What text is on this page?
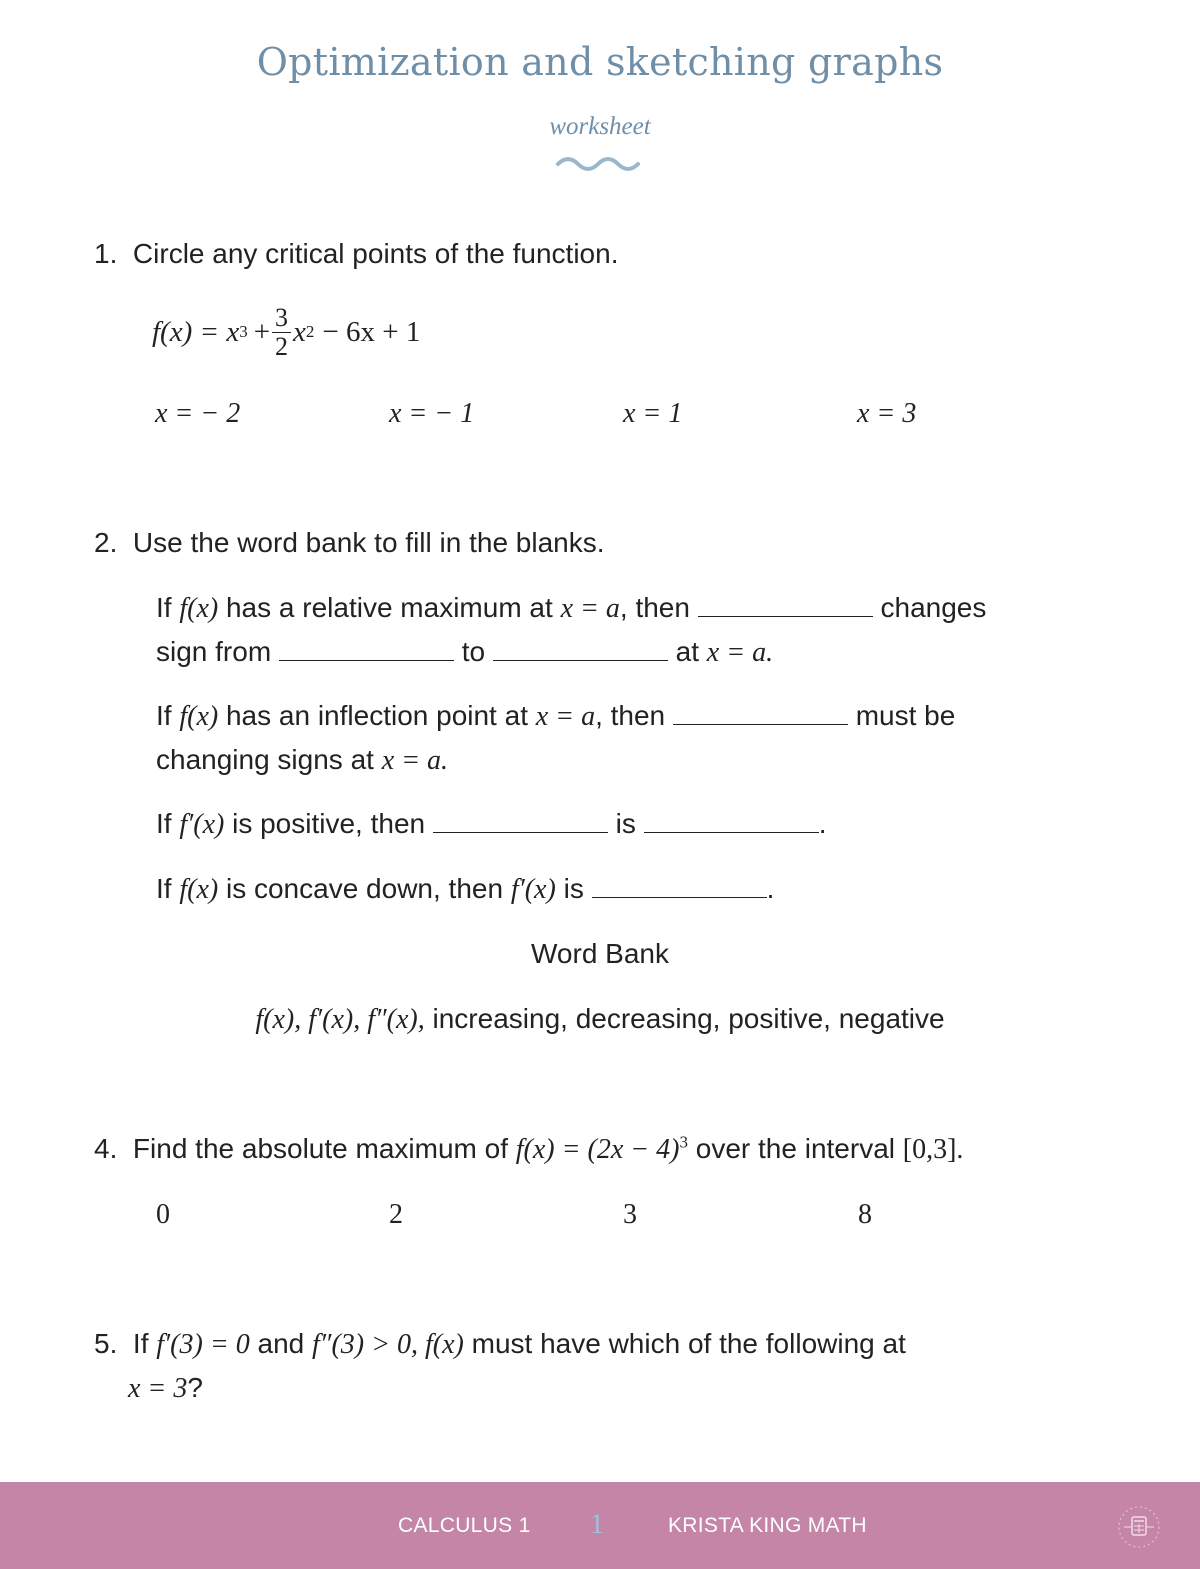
Optimization and sketching graphs
worksheet
1. Circle any critical points of the function.
f(x) = x $3 + \frac{3}{2}$ x 2 − 6x + 1
x = − 2	x = − 1	x = 1	x = 3
2. Use the word bank to fill in the blanks.
If f(x) has a relative maximum at x = a, then	changes
sign from	to	at x = a.
If f(x) has an inflection point at x = a, then	must be
changing signs at x = a.
If f′(x) is positive, then	is	.
If f(x) is concave down, then f′(x) is	.
Word Bank
f(x), f′(x), f″(x), increasing, decreasing, positive, negative
4. Find the absolute maximum of $f(x) = (2x - 4)^3$ over the interval [0,3].
0	2	3	8
5. If f′(3) = 0 and f″(3) > 0, f(x) must have which of the following at
x = 3?
CALCULUS 1 1	KRISTA KING MATH
